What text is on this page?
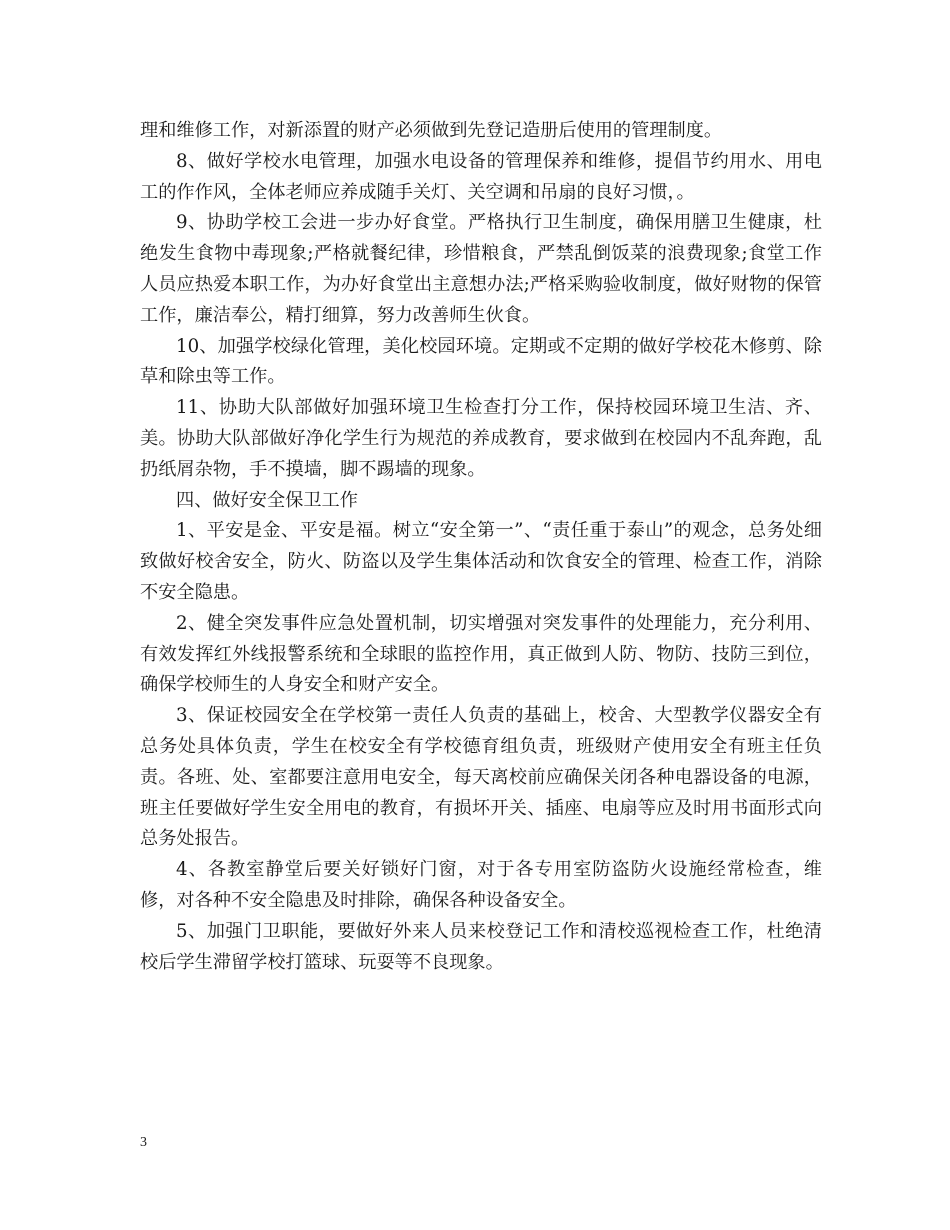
理和维修工作，对新添置的财产必须做到先登记造册后使用的管理制度。

8、做好学校水电管理，加强水电设备的管理保养和维修，提倡节约用水、用电工的作作风，全体老师应养成随手关灯、关空调和吊扇的良好习惯，。

9、协助学校工会进一步办好食堂。严格执行卫生制度，确保用膳卫生健康，杜绝发生食物中毒现象;严格就餐纪律，珍惜粮食，严禁乱倒饭菜的浪费现象;食堂工作人员应热爱本职工作，为办好食堂出主意想办法;严格采购验收制度，做好财物的保管工作，廉洁奉公，精打细算，努力改善师生伙食。

10、加强学校绿化管理，美化校园环境。定期或不定期的做好学校花木修剪、除草和除虫等工作。

11、协助大队部做好加强环境卫生检查打分工作，保持校园环境卫生洁、齐、美。协助大队部做好净化学生行为规范的养成教育，要求做到在校园内不乱奔跑，乱扔纸屑杂物，手不摸墙，脚不踢墙的现象。

四、做好安全保卫工作

1、平安是金、平安是福。树立“安全第一”、“责任重于泰山”的观念，总务处细致做好校舍安全，防火、防盗以及学生集体活动和饮食安全的管理、检查工作，消除不安全隐患。

2、健全突发事件应急处置机制，切实增强对突发事件的处理能力，充分利用、有效发挥红外线报警系统和全球眼的监控作用，真正做到人防、物防、技防三到位，确保学校师生的人身安全和财产安全。

3、保证校园安全在学校第一责任人负责的基础上，校舍、大型教学仪器安全有总务处具体负责，学生在校安全有学校德育组负责，班级财产使用安全有班主任负责。各班、处、室都要注意用电安全，每天离校前应确保关闭各种电器设备的电源，班主任要做好学生安全用电的教育，有损坏开关、插座、电扇等应及时用书面形式向总务处报告。

4、各教室静堂后要关好锁好门窗，对于各专用室防盗防火设施经常检查，维修，对各种不安全隐患及时排除，确保各种设备安全。

5、加强门卫职能，要做好外来人员来校登记工作和清校巡视检查工作，杜绝清校后学生滞留学校打篮球、玩耍等不良现象。

3
